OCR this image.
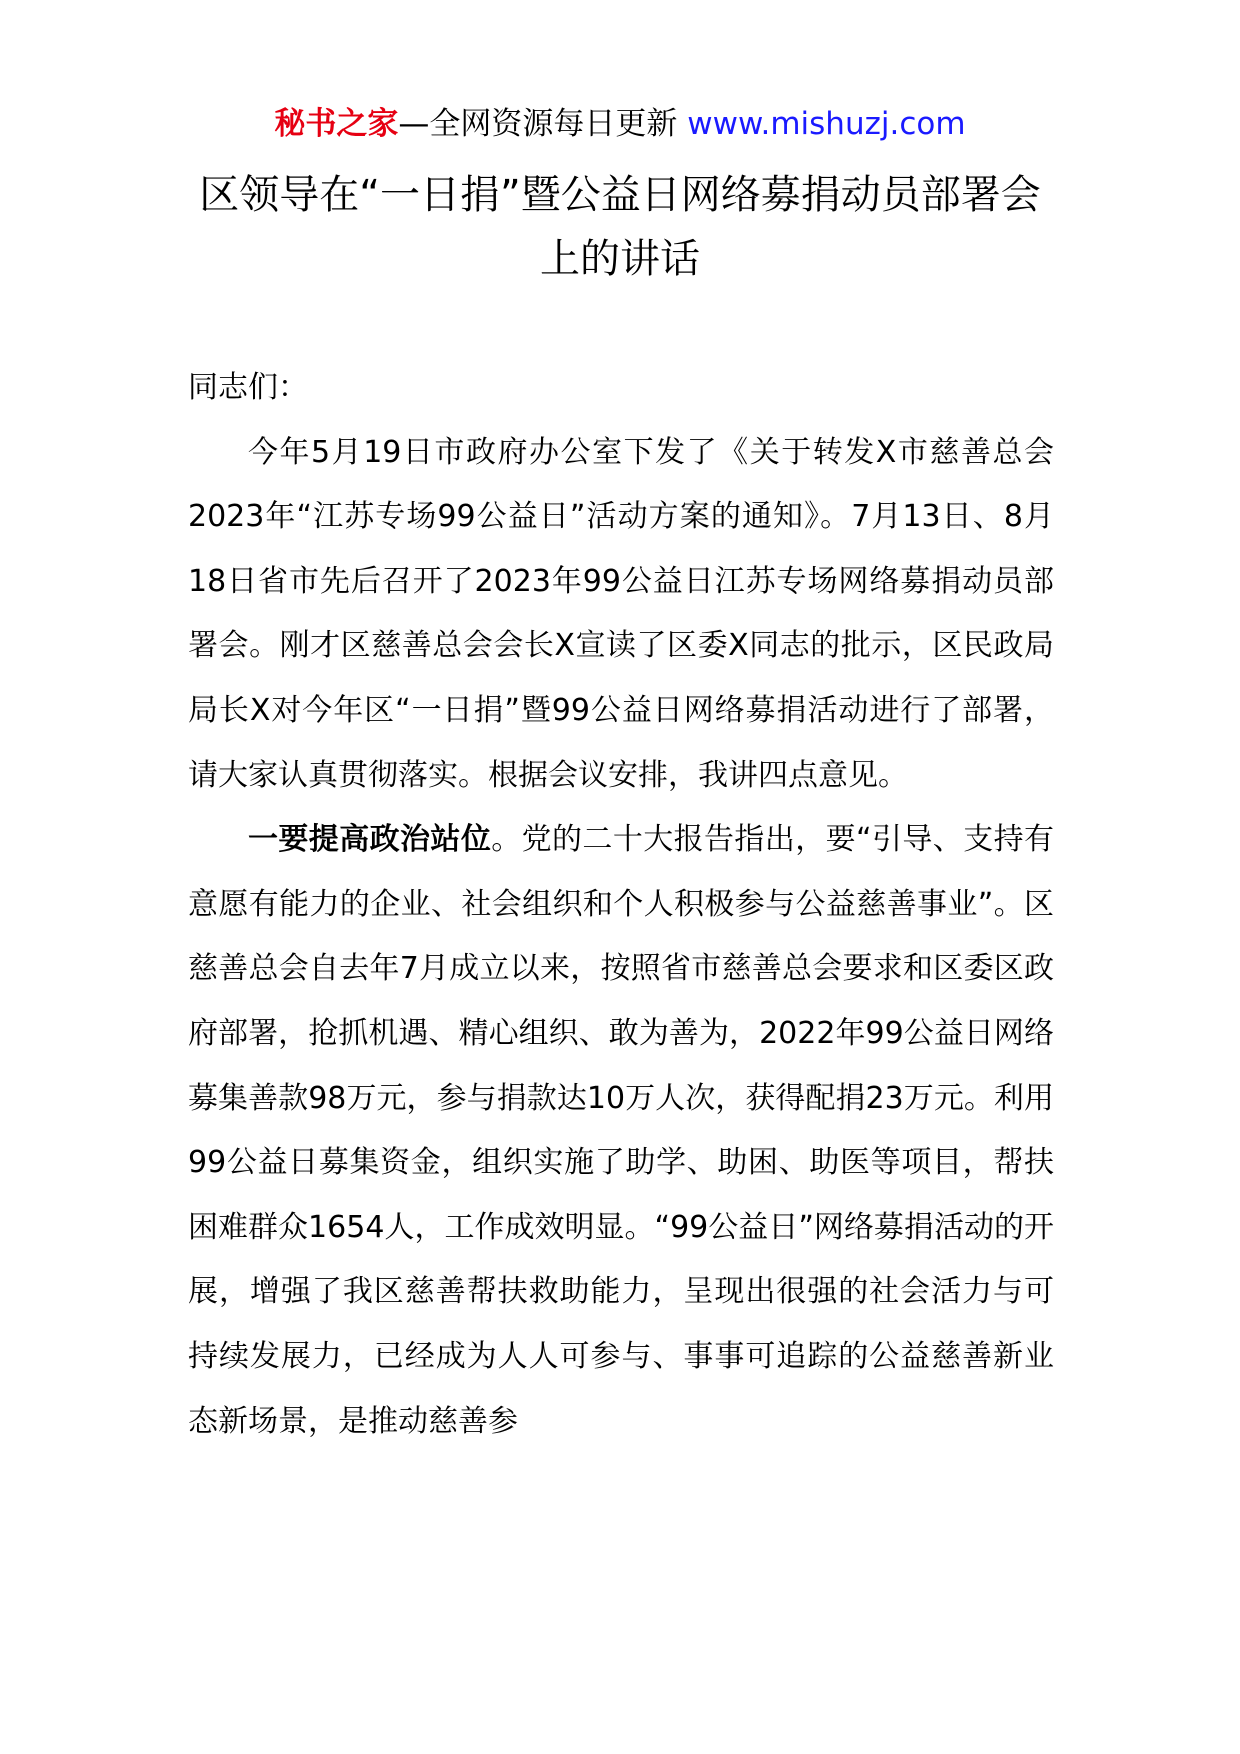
秘书之家—全网资源每日更新 www.mishuzj.com
区领导在“一日捐”暨公益日网络募捐动员部署会上的讲话

同志们：

今年5月19日市政府办公室下发了《关于转发X市慈善总会2023年“江苏专场99公益日”活动方案的通知》。7月13日、8月18日省市先后召开了2023年99公益日江苏专场网络募捐动员部署会。刚才区慈善总会会长X宣读了区委X同志的批示，区民政局局长X对今年区“一日捐”暨99公益日网络募捐活动进行了部署，请大家认真贯彻落实。根据会议安排，我讲四点意见。

一要提高政治站位。党的二十大报告指出，要“引导、支持有意愿有能力的企业、社会组织和个人积极参与公益慈善事业”。区慈善总会自去年7月成立以来，按照省市慈善总会要求和区委区政府部署，抢抓机遇、精心组织、敢为善为，2022年99公益日网络募集善款98万元，参与捐款达10万人次，获得配捐23万元。利用99公益日募集资金，组织实施了助学、助困、助医等项目，帮扶困难群众1654人，工作成效明显。“99公益日”网络募捐活动的开展，增强了我区慈善帮扶救助能力，呈现出很强的社会活力与可持续发展力，已经成为人人可参与、事事可追踪的公益慈善新业态新场景，是推动慈善参
